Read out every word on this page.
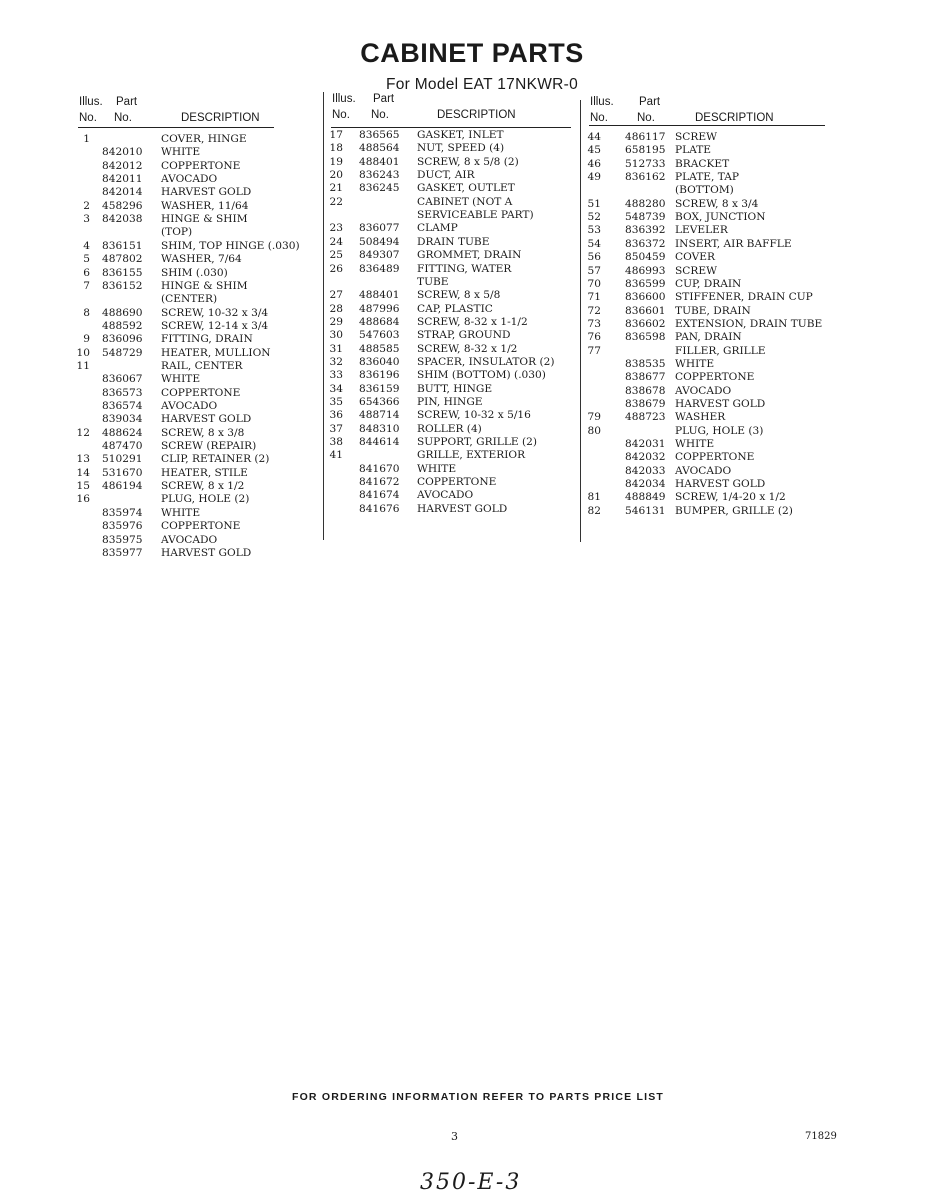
CABINET PARTS
For Model EAT 17NKWR-0
Illus. Part
No. No.	DESCRIPTION
1	COVER, HINGE
842010 WHITE
842012 COPPERTONE
842011 AVOCADO
842014 HARVEST GOLD
2 458296 WASHER, 11/64
3 842038 HINGE & SHIM
(TOP)
4 836151 SHIM, TOP HINGE (.030)
5 487802 WASHER, 7/64
6 836155 SHIM (.030)
7 836152 HINGE & SHIM
(CENTER)
8 488690 SCREW, 10-32 x 3/4
488592 SCREW, 12-14 x 3/4
9 836096 FITTING, DRAIN
10 548729 HEATER, MULLION
11	RAIL, CENTER
836067 WHITE
836573 COPPERTONE
836574 AVOCADO
839034 HARVEST GOLD
12 488624 SCREW, 8 x 3/8
487470 SCREW (REPAIR)
13 510291 CLIP, RETAINER (2)
14 531670 HEATER, STILE
15 486194 SCREW, 8 x 1/2
16	PLUG, HOLE (2)
835974 WHITE
835976 COPPERTONE
835975 AVOCADO
835977 HARVEST GOLD
Illus. Part
No. No.	DESCRIPTION
17 836565 GASKET, INLET
18 488564 NUT, SPEED (4)
19 488401 SCREW, 8 x 5/8 (2)
20 836243 DUCT, AIR
21 836245 GASKET, OUTLET
22	CABINET (NOT A
SERVICEABLE PART)
23 836077 CLAMP
24 508494 DRAIN TUBE
25 849307 GROMMET, DRAIN
26 836489 FITTING, WATER
TUBE
27 488401 SCREW, 8 x 5/8
28 487996 CAP, PLASTIC
29 488684 SCREW, 8-32 x 1-1/2
30 547603 STRAP, GROUND
31 488585 SCREW, 8-32 x 1/2
32 836040 SPACER, INSULATOR (2)
33 836196 SHIM (BOTTOM) (.030)
34 836159 BUTT, HINGE
35 654366 PIN, HINGE
36 488714 SCREW, 10-32 x 5/16
37 848310 ROLLER (4)
38 844614 SUPPORT, GRILLE (2)
41	GRILLE, EXTERIOR
841670 WHITE
841672 COPPERTONE
841674 AVOCADO
841676 HARVEST GOLD
Illus. Part
No.	No.	DESCRIPTION
44 486117 SCREW
45 658195 PLATE
46 512733 BRACKET
49 836162 PLATE, TAP
(BOTTOM)
51 488280 SCREW, 8 x 3/4
52 548739 BOX, JUNCTION
53 836392 LEVELER
54 836372 INSERT, AIR BAFFLE
56 850459 COVER
57 486993 SCREW
70 836599 CUP, DRAIN
71 836600 STIFFENER, DRAIN CUP
72 836601 TUBE, DRAIN
73 836602 EXTENSION, DRAIN TUBE
76 836598 PAN, DRAIN
77	FILLER, GRILLE
838535 WHITE
838677 COPPERTONE
838678 AVOCADO
838679 HARVEST GOLD
79 488723 WASHER
80	PLUG, HOLE (3)
842031 WHITE
842032 COPPERTONE
842033 AVOCADO
842034 HARVEST GOLD
81 488849 SCREW, 1/4-20 x 1/2
82 546131 BUMPER, GRILLE (2)
FOR ORDERING INFORMATION REFER TO PARTS PRICE LIST
3	71829
350-E-3
